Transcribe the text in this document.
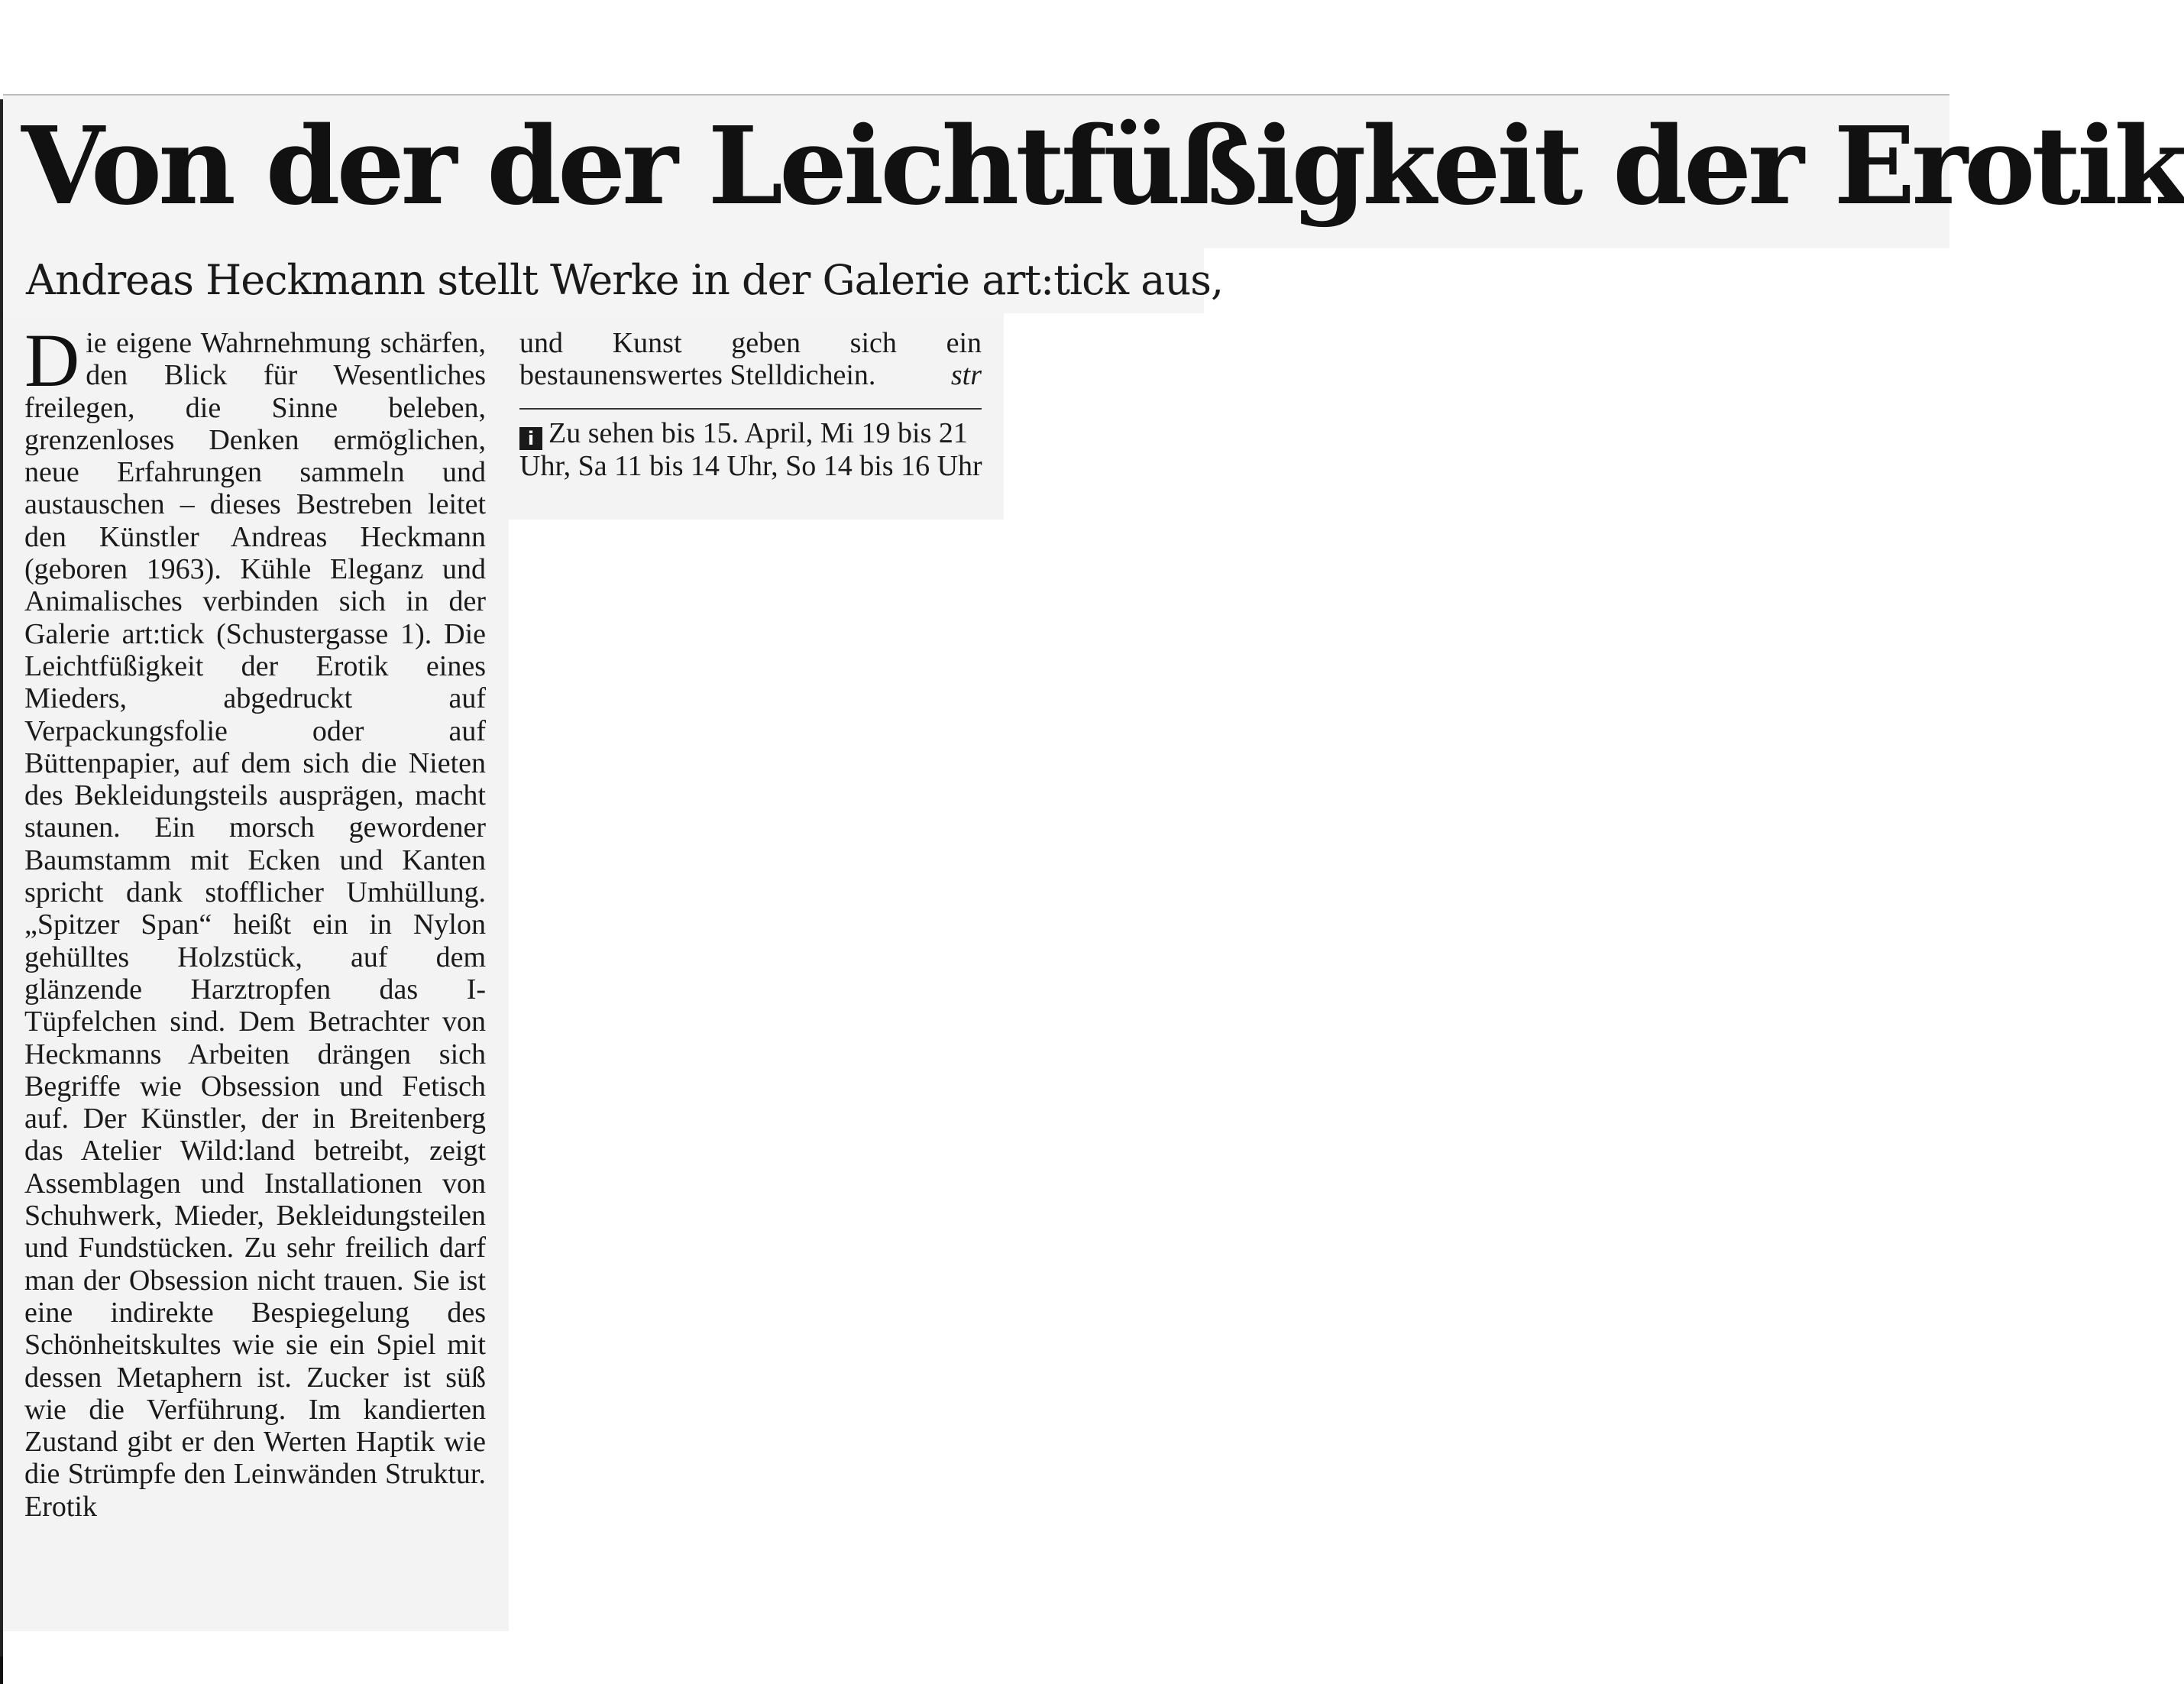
Von der der Leichtfüßigkeit der Erotik
Andreas Heckmann stellt Werke in der Galerie art:tick aus,
Die eigene Wahrnehmung schärfen, den Blick für Wesentliches freilegen, die Sinne beleben, grenzenloses Denken ermöglichen, neue Erfahrungen sammeln und austauschen – dieses Bestreben leitet den Künstler Andreas Heckmann (geboren 1963). Kühle Eleganz und Animalisches verbinden sich in der Galerie art:tick (Schustergasse 1). Die Leichtfüßigkeit der Erotik eines Mieders, abgedruckt auf Verpackungsfolie oder auf Büttenpapier, auf dem sich die Nieten des Bekleidungsteils ausprägen, macht staunen. Ein morsch gewordener Baumstamm mit Ecken und Kanten spricht dank stofflicher Umhüllung. „Spitzer Span“ heißt ein in Nylon gehülltes Holzstück, auf dem glänzende Harztropfen das I-Tüpfelchen sind. Dem Betrachter von Heckmanns Arbeiten drängen sich Begriffe wie Obsession und Fetisch auf. Der Künstler, der in Breitenberg das Atelier Wild:land betreibt, zeigt Assemblagen und Installationen von Schuhwerk, Mieder, Bekleidungsteilen und Fundstücken. Zu sehr freilich darf man der Obsession nicht trauen. Sie ist eine indirekte Bespiegelung des Schönheitskultes wie sie ein Spiel mit dessen Metaphern ist. Zucker ist süß wie die Verführung. Im kandierten Zustand gibt er den Werten Haptik wie die Strümpfe den Leinwänden Struktur. Erotik
und Kunst geben sich ein bestaunenswertes Stelldichein.	str
i Zu sehen bis 15. April, Mi 19 bis 21 Uhr, Sa 11 bis 14 Uhr, So 14 bis 16 Uhr
